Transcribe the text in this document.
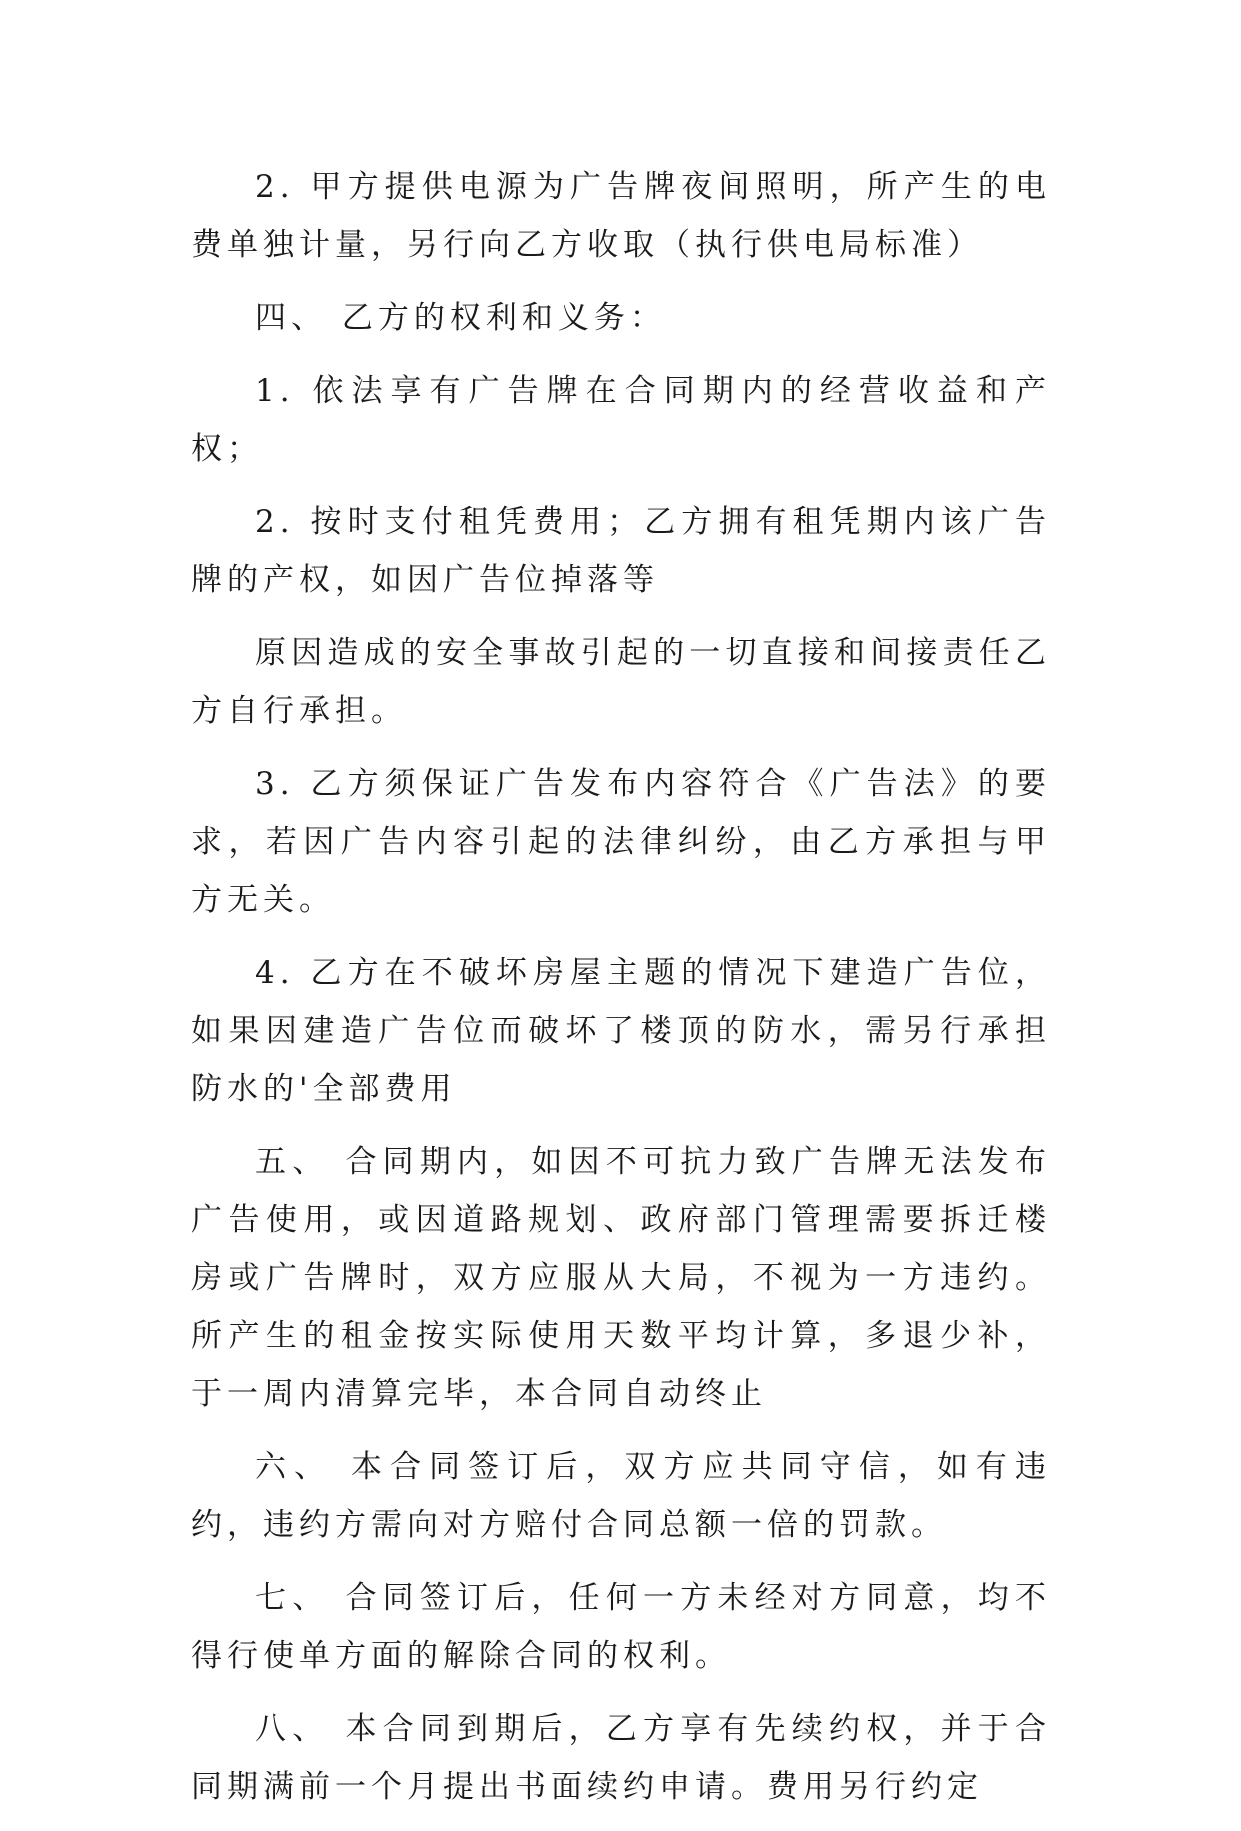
2. 甲方提供电源为广告牌夜间照明，所产生的电费单独计量，另行向乙方收取（执行供电局标准）

四、 乙方的权利和义务：

1. 依法享有广告牌在合同期内的经营收益和产权；

2. 按时支付租凭费用；乙方拥有租凭期内该广告牌的产权，如因广告位掉落等

原因造成的安全事故引起的一切直接和间接责任乙方自行承担。

3. 乙方须保证广告发布内容符合《广告法》的要求，若因广告内容引起的法律纠纷，由乙方承担与甲方无关。

4. 乙方在不破坏房屋主题的情况下建造广告位，如果因建造广告位而破坏了楼顶的防水，需另行承担防水的'全部费用

五、 合同期内，如因不可抗力致广告牌无法发布广告使用，或因道路规划、政府部门管理需要拆迁楼房或广告牌时，双方应服从大局，不视为一方违约。所产生的租金按实际使用天数平均计算，多退少补，于一周内清算完毕，本合同自动终止

六、 本合同签订后，双方应共同守信，如有违约，违约方需向对方赔付合同总额一倍的罚款。

七、 合同签订后，任何一方未经对方同意，均不得行使单方面的解除合同的权利。

八、 本合同到期后，乙方享有先续约权，并于合同期满前一个月提出书面续约申请。费用另行约定
